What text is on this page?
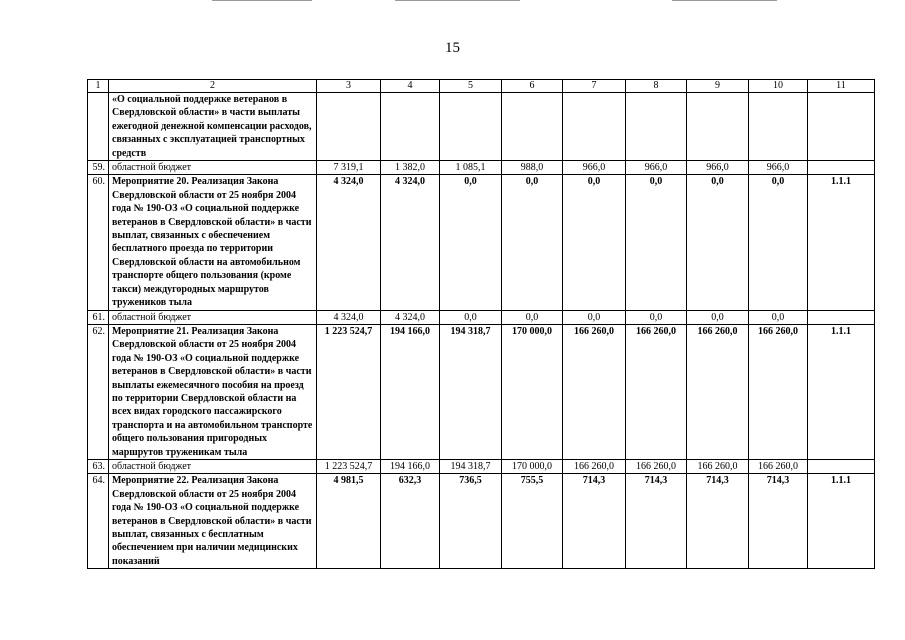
15
1	2	3	4	5	6	7	8	9	10	11
	«О социальной поддержке ветеранов в Свердловской области» в части выплаты ежегодной денежной компенсации расходов, связанных с эксплуатацией транспортных средств									
59.	областной бюджет	7 319,1	1 382,0	1 085,1	988,0	966,0	966,0	966,0	966,0	
60.	Мероприятие 20. Реализация Закона Свердловской области от 25 ноября 2004 года № 190-ОЗ «О социальной поддержке ветеранов в Свердловской области» в части выплат, связанных с обеспечением бесплатного проезда по территории Свердловской области на автомобильном транспорте общего пользования (кроме такси) междугородных маршрутов тружеников тыла	4 324,0	4 324,0	0,0	0,0	0,0	0,0	0,0	0,0	1.1.1
61.	областной бюджет	4 324,0	4 324,0	0,0	0,0	0,0	0,0	0,0	0,0	
62.	Мероприятие 21. Реализация Закона Свердловской области от 25 ноября 2004 года № 190-ОЗ «О социальной поддержке ветеранов в Свердловской области» в части выплаты ежемесячного пособия на проезд по территории Свердловской области на всех видах городского пассажирского транспорта и на автомобильном транспорте общего пользования пригородных маршрутов труженикам тыла	1 223 524,7	194 166,0	194 318,7	170 000,0	166 260,0	166 260,0	166 260,0	166 260,0	1.1.1
63.	областной бюджет	1 223 524,7	194 166,0	194 318,7	170 000,0	166 260,0	166 260,0	166 260,0	166 260,0	
64.	Мероприятие 22. Реализация Закона Свердловской области от 25 ноября 2004 года № 190-ОЗ «О социальной поддержке ветеранов в Свердловской области» в части выплат, связанных с бесплатным обеспечением при наличии медицинских показаний	4 981,5	632,3	736,5	755,5	714,3	714,3	714,3	714,3	1.1.1
